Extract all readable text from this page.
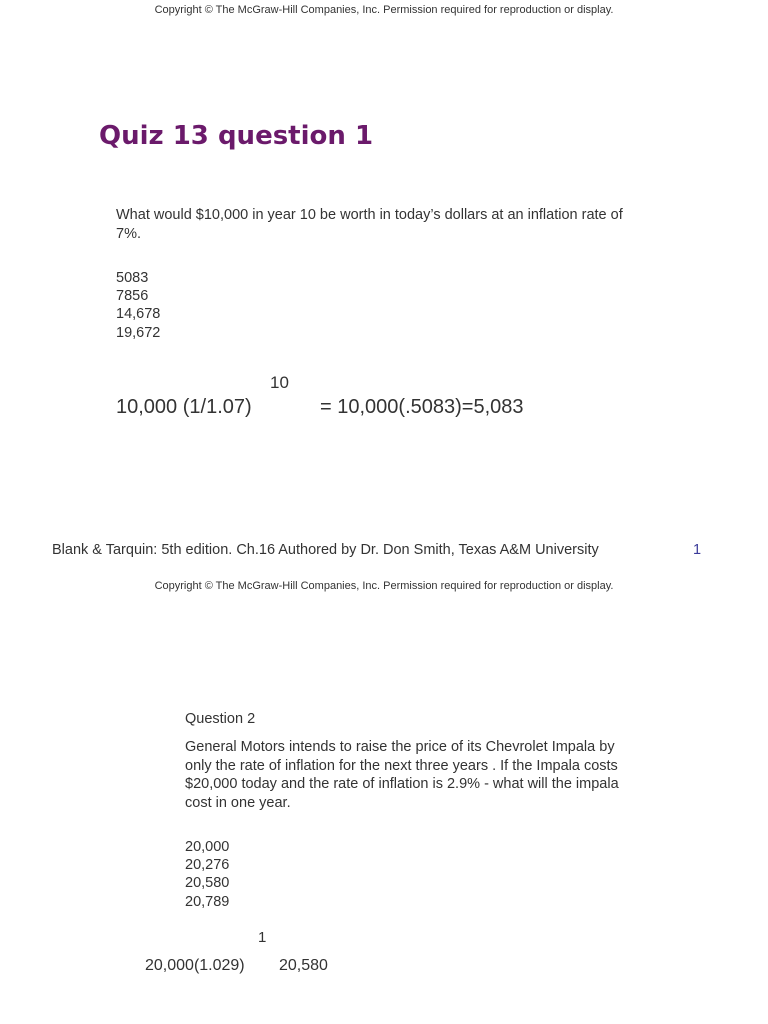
Copyright © The McGraw-Hill Companies, Inc. Permission required for reproduction or display.
Quiz 13 question 1
What would $10,000 in year 10 be worth in today’s dollars at an inflation rate of 7%.
5083
7856
14,678
19,672
10
10,000 (1/1.07)	= 10,000(.5083)=5,083
Blank & Tarquin: 5th edition. Ch.16 Authored by Dr. Don Smith, Texas A&M University	1
Copyright © The McGraw-Hill Companies, Inc. Permission required for reproduction or display.
Question 2
General Motors intends to raise the price of its Chevrolet Impala by only the rate of inflation for the next three years . If the Impala costs $20,000 today and the rate of inflation is 2.9% - what will the impala cost in one year.
20,000
20,276
20,580
20,789
1
20,000(1.029) 20,580
